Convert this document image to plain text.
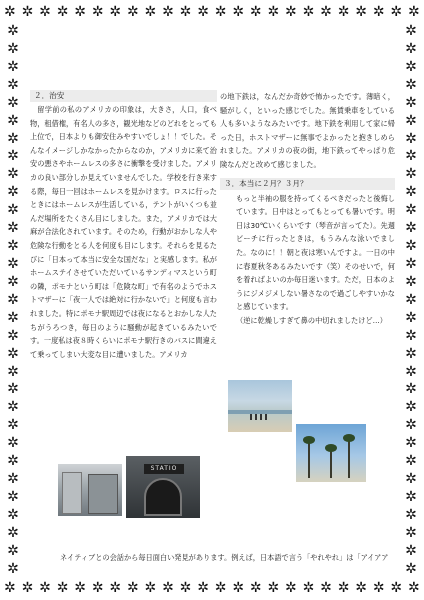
✲ ✲ ✲ ✲ ✲ ✲ ✲ ✲ ✲ ✲ ✲ ✲ ✲ ✲ ✲ ✲ ✲ ✲ ✲ ✲ ✲ ✲ ✲ ✲
✲ ✲ ✲ ✲ ✲ ✲ ✲ ✲ ✲ ✲ ✲ ✲ ✲ ✲ ✲ ✲ ✲ ✲ ✲ ✲ ✲ ✲ ✲ ✲
✲
✲
✲
✲
✲
✲
✲
✲
✲
✲
✲
✲
✲
✲
✲
✲
✲
✲
✲
✲
✲
✲
✲
✲
✲
✲
✲
✲
✲
✲
✲
✲
✲
✲
✲
✲
✲
✲
✲
✲
✲
✲
✲
✲
✲
✲
✲
✲
✲
✲
✲
✲
✲
✲
✲
✲
✲
✲
✲
✲
✲
✲
２．治安
留学前の私のアメリカの印象は，大きさ，人口，食べ物，租借権，有名人の多さ，観光地などのどれをとっても上位で，日本よりも御安住みやすいでしょ！！でした。そんなイメージしかなかったからなのか，アメリカに来て治安の悪さやホームレスの多さに衝撃を受けました。アメリカの良い部分しか見えていませんでした。学校を行き来する際，毎日一回はホームレスを見かけます。ロスに行ったときにはホームレスが生活している，テントがいくつも並んだ場所をたくさん目にしました。また，アメリカでは大麻が合法化されています。そのため，行動がおかしな人や危険な行動をとる人を何度も目にします。それらを見るたびに「日本って本当に安全な国だな」と実感します。私がホームステイさせていただいているサンディマスという町の隣，ポモナという町は「危険な町」で有名のようでホストマザーに「夜一人では絶対に行かないで」と何度も言われました。特にポモナ駅周辺では夜になるとおかしな人たちがうろつき，毎日のように騒動が起きているみたいです。一度私は夜８時くらいにポモナ駅行きのバスに間違えて乗ってしまい大変な目に遭いました。アメリカ
の地下鉄は，なんだか奇妙で怖かったです。薄暗く，騒がしく，といった感じでした。無賃乗車をしている人も多いようなみたいです。地下鉄を利用して家に帰った日，ホストマザーに無事でよかったと抱きしめられました。アメリカの夜の街，地下鉄ってやっぱり危険なんだと改めて感じました。
３．本当に２月？３月？
もっと半袖の服を持ってくるべきだったと後悔しています。日中はとってもとっても暑いです。明日は30℃いくらいです（琴音が言ってた）。先週ビーチに行ったときは，もうみんな泳いでました。なのに！！朝と夜は寒いんですよ。一日の中に春夏秋冬あるみたいです（笑）そのせいで，何を着ればよいのか毎日迷います。ただ，日本のようにジメジメしない暑さなので過ごしやすいかなと感じています。
（逆に乾燥しすぎて鼻の中切れましたけど…）
STATIO
ネイティブとの会話から毎日面白い発見があります。例えば，日本語で言う「やれやれ」は「アイアア
